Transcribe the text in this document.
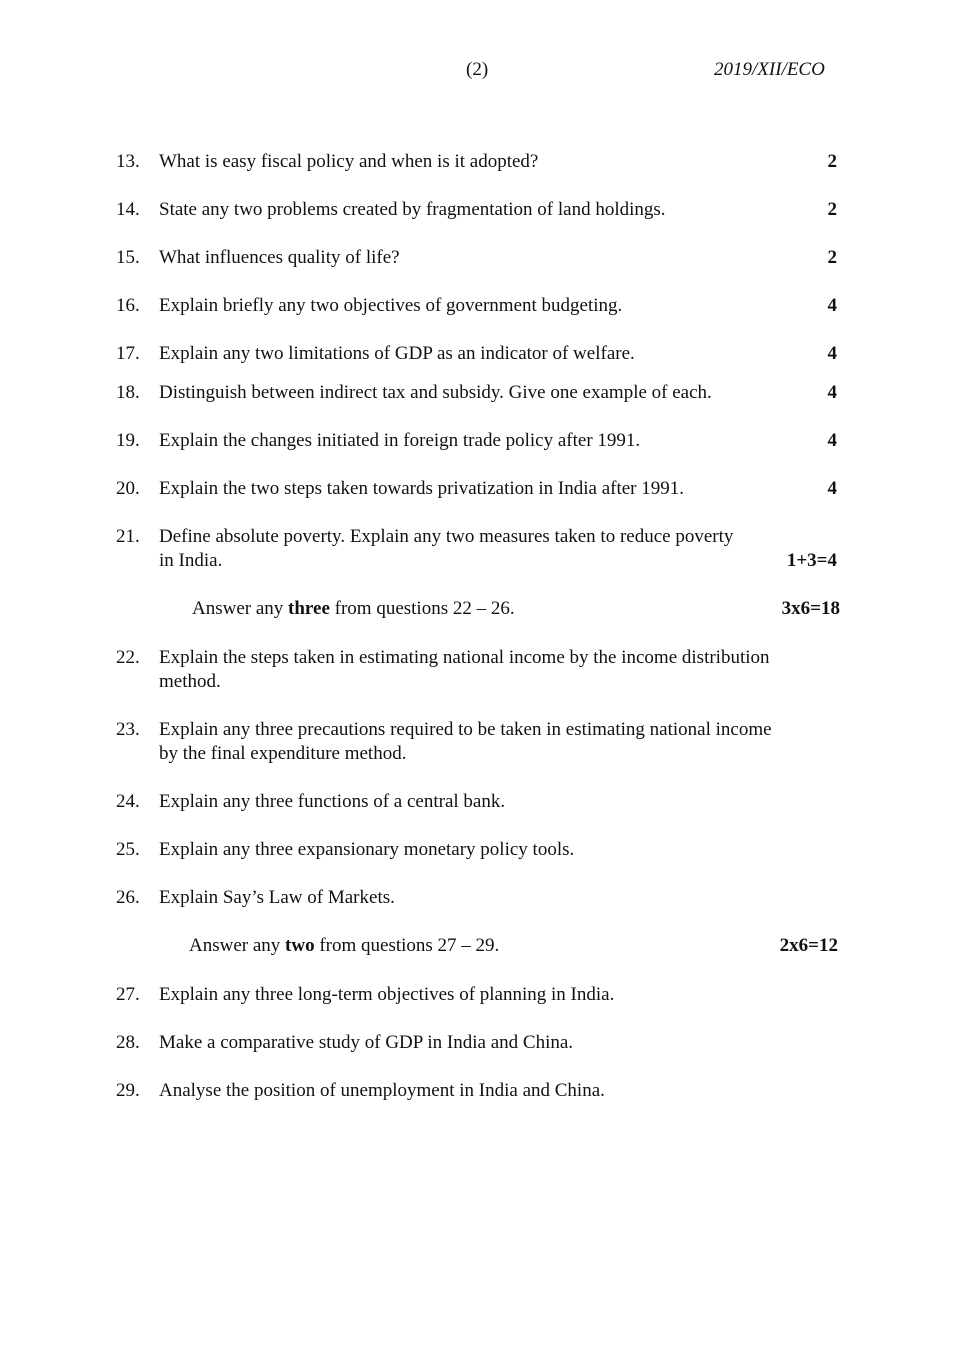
(2)	2019/XII/ECO
13. What is easy fiscal policy and when is it adopted?	2
14. State any two problems created by fragmentation of land holdings.	2
15. What influences quality of life?	2
16. Explain briefly any two objectives of government budgeting.	4
17. Explain any two limitations of GDP as an indicator of welfare.	4
18. Distinguish between indirect tax and subsidy. Give one example of each.	4
19. Explain the changes initiated in foreign trade policy after 1991.	4
20. Explain the two steps taken towards privatization in India after 1991.	4
21. Define absolute poverty. Explain any two measures taken to reduce poverty
in India.	1+3=4
Answer any three from questions 22 – 26.	3x6=18
22. Explain the steps taken in estimating national income by the income distribution
method.
23. Explain any three precautions required to be taken in estimating national income
by the final expenditure method.
24. Explain any three functions of a central bank.
25. Explain any three expansionary monetary policy tools.
26. Explain Say’s Law of Markets.
Answer any two from questions 27 – 29.	2x6=12
27. Explain any three long-term objectives of planning in India.
28. Make a comparative study of GDP in India and China.
29. Analyse the position of unemployment in India and China.
